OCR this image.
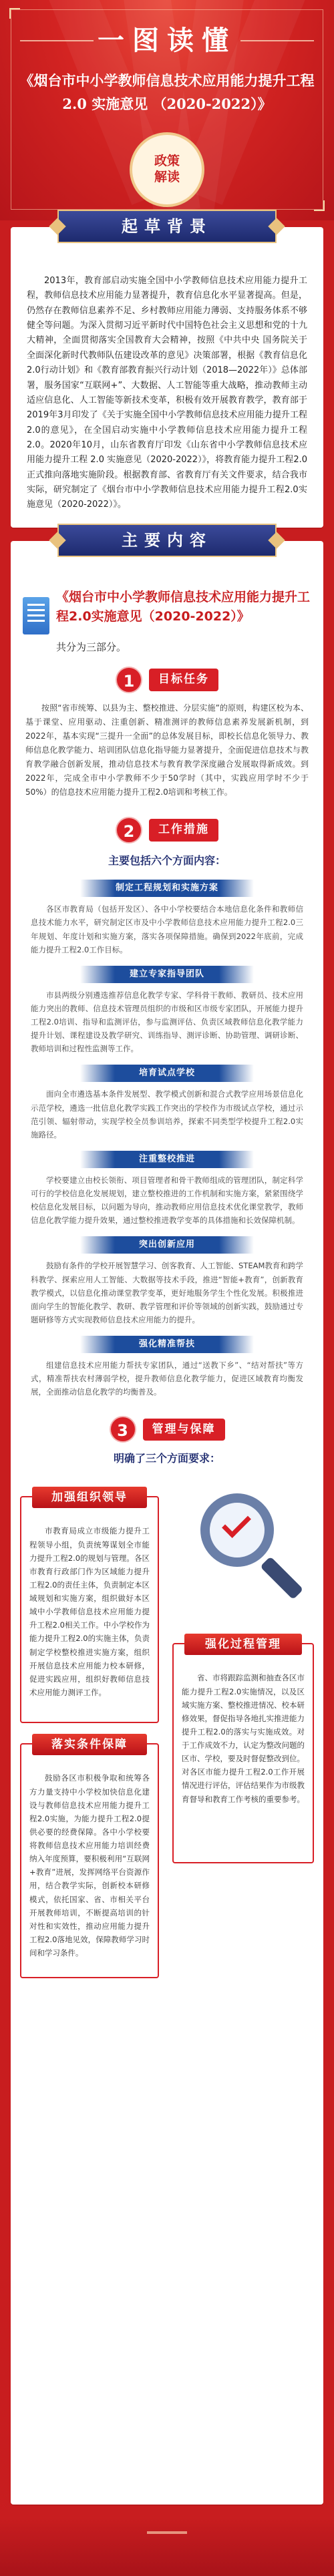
一图读懂
《烟台市中小学教师信息技术应用能力提升工程 2.0 实施意见 （2020-2022）》
政策解读

2013年，教育部启动实施全国中小学教师信息技术应用能力提升工程，教师信息技术应用能力显著提升，教育信息化水平显著提高。但是，仍然存在教师信息素养不足、乡村教师应用能力薄弱、支持服务体系不够健全等问题。为深入贯彻习近平新时代中国特色社会主义思想和党的十九大精神，全面贯彻落实全国教育大会精神，按照《中共中央 国务院关于全面深化新时代教师队伍建设改革的意见》决策部署，根据《教育信息化2.0行动计划》和《教育部教育振兴行动计划（2018—2022年）》总体部署，服务国家“互联网+”、大数据、人工智能等重大战略，推动教师主动适应信息化、人工智能等新技术变革，积极有效开展教育教学，教育部于2019年3月印发了《关于实施全国中小学教师信息技术应用能力提升工程2.0的意见》，在全国启动实施中小学教师信息技术应用能力提升工程2.0。2020年10月，山东省教育厅印发《山东省中小学教师信息技术应用能力提升工程 2.0 实施意见（2020-2022）》，将教育能力提升工程2.0正式推向落地实施阶段。根据教育部、省教育厅有关文件要求，结合我市实际，研究制定了《烟台市中小学教师信息技术应用能力提升工程2.0实施意见（2020-2022）》。

起草背景
《烟台市中小学教师信息技术应用能力提升工程2.0实施意见（2020-2022）》
共分为三部分。
1	目标任务

按照“省市统筹、以县为主、整校推进、分层实施”的原则，构建区校为本、基于课堂、应用驱动、注重创新、精准测评的教师信息素养发展新机制，到2022年，基本实现“三提升一全面”的总体发展目标，即校长信息化领导力、教师信息化教学能力、培训团队信息化指导能力显著提升，全面促进信息技术与教育教学融合创新发展，推动信息技术与教育教学深度融合发展取得新成效。到2022年，完成全市中小学教师不少于50学时（其中，实践应用学时不少于50%）的信息技术应用能力提升工程2.0培训和考核工作。

2	工作措施
主要包括六个方面内容：
制定工程规划和实施方案

各区市教育局（包括开发区）、各中小学校要结合本地信息化条件和教师信息技术能力水平，研究制定区市及中小学教师信息技术应用能力提升工程2.0三年规划、年度计划和实施方案，落实各项保障措施。确保到2022年底前，完成能力提升工程2.0工作目标。

建立专家指导团队

市县两级分别遴选推荐信息化教学专家、学科骨干教师、教研员、技术应用能力突出的教师、信息技术管理员组织的市级和区市级专家团队，开展能力提升工程2.0培训、指导和监测评估，参与监测评估、负责区域教师信息化教学能力提升计划、课程建设及教学研究、训练指导、测评诊断、协助管理、调研诊断、教师培训和过程性监测等工作。

培育试点学校

面向全市遴选基本条件发展型、教学模式创新和混合式教学应用场景信息化示范学校，遴选一批信息化教学实践工作突出的学校作为市级试点学校，通过示范引领、辐射带动，实现学校全员参训培养，探索不同类型学校提升工程2.0实施路径。

注重整校推进

学校要建立由校长领衔、项目管理者和骨干教师组成的管理团队，制定科学可行的学校信息化发展规划，建立整校推进的工作机制和实施方案，紧紧围绕学校信息化发展目标，以问题为导向，推动教师应用信息技术优化课堂教学，教师信息化教学能力提升效果，通过整校推进教学变革的具体措施和长效保障机制。

突出创新应用

鼓励有条件的学校开展智慧学习、创客教育、人工智能、STEAM教育和跨学科教学、探索应用人工智能、大数据等技术手段，推进“智能+教育”，创新教育教学模式，以信息化推动课堂教学变革，更好地服务学生个性化发展。积极推进面向学生的智能化教学、教研、教学管理和评价等领域的创新实践，鼓励通过专题研修等方式实现教师信息技术应用能力的提升。

强化精准帮扶

组建信息技术应用能力帮扶专家团队，通过“送教下乡”、“结对帮扶”等方式，精准帮扶农村薄弱学校，提升教师信息化教学能力，促进区域教育均衡发展，全面推动信息化教学的均衡普及。

3	管理与保障
明确了三个方面要求：
加强组织领导

市教育局成立市级能力提升工程领导小组，负责统筹谋划全市能力提升工程2.0的规划与管理。各区市教育行政部门作为区域能力提升工程2.0的责任主体，负责制定本区域规划和实施方案，组织做好本区域中小学教师信息技术应用能力提升工程2.0相关工作。中小学校作为能力提升工程2.0的实施主体，负责制定学校整校推进实施方案，组织开展信息技术应用能力校本研修，促进实践应用，组织好教师信息技术应用能力测评工作。

强化过程管理

省、市将跟踪监测和抽查各区市能力提升工程2.0实施情况，以及区域实施方案、整校推进情况、校本研修效果，督促指导各地扎实推进能力提升工程2.0的落实与实施成效。对于工作成效不力，认定为整改问题的区市、学校，要及时督促整改到位。对各区市能力提升工程2.0工作开展情况进行评估，评估结果作为市级教育督导和教育工作考核的重要参考。

落实条件保障

鼓励各区市积极争取和统筹各方力量支持中小学校加快信息化建设与教师信息技术应用能力提升工程2.0实施，为能力提升工程2.0提供必要的经费保障。各中小学校要将教师信息技术应用能力培训经费纳入年度预算，要积极利用“互联网+教育”进展，发挥网络平台资源作用，结合教学实际，创新校本研修模式，依托国家、省、市相关平台开展教师培训，不断提高培训的针对性和实效性，推动应用能力提升工程2.0落地见效，保障教师学习时间和学习条件。

主要内容
